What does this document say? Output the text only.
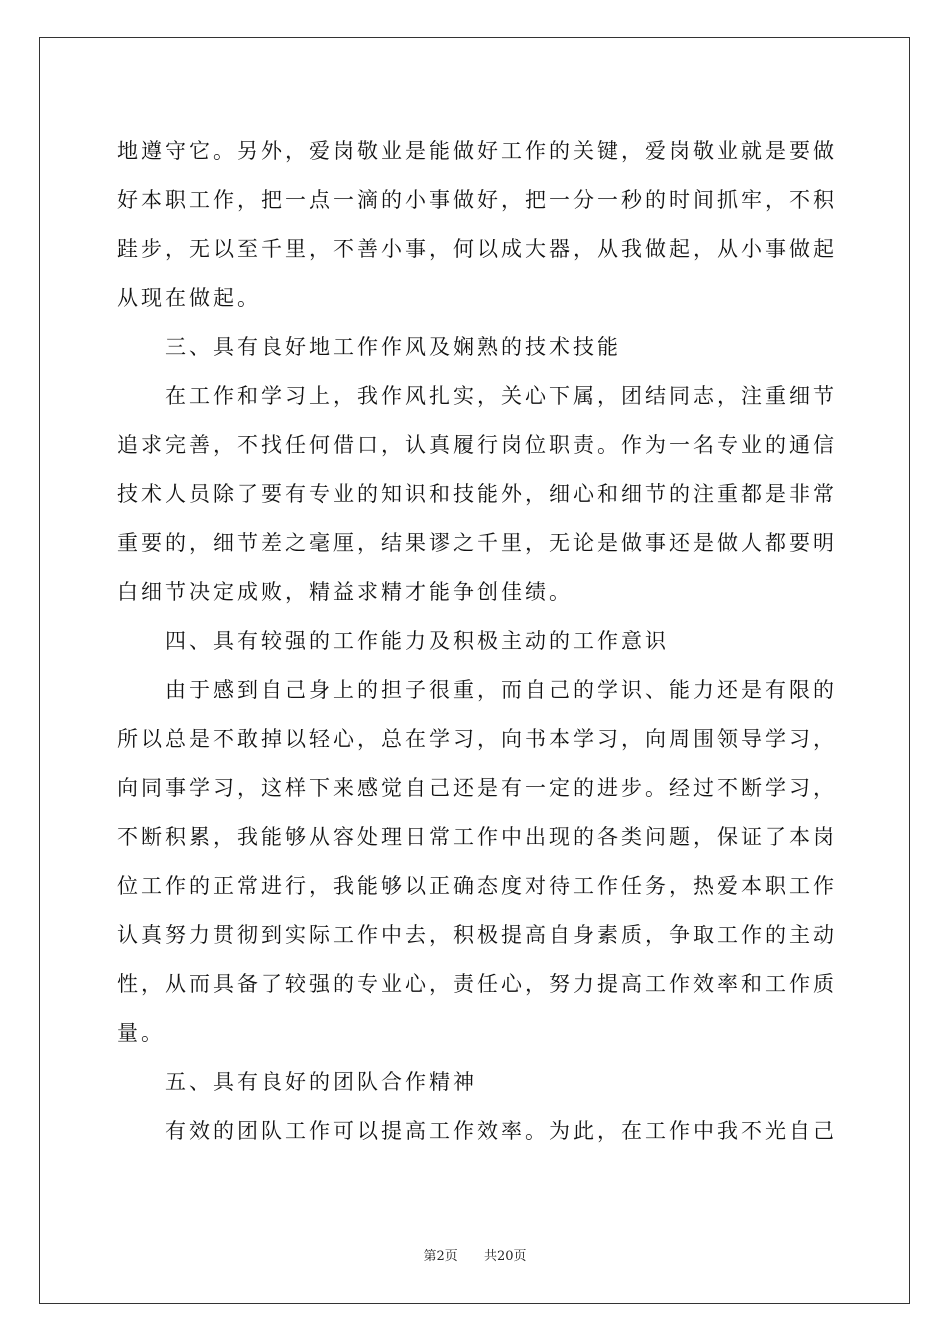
地遵守它。另外，爱岗敬业是能做好工作的关键，爱岗敬业就是要做
好本职工作，把一点一滴的小事做好，把一分一秒的时间抓牢，不积
跬步，无以至千里，不善小事，何以成大器，从我做起，从小事做起
从现在做起。
三、具有良好地工作作风及娴熟的技术技能
在工作和学习上，我作风扎实，关心下属，团结同志，注重细节
追求完善，不找任何借口，认真履行岗位职责。作为一名专业的通信
技术人员除了要有专业的知识和技能外，细心和细节的注重都是非常
重要的，细节差之毫厘，结果谬之千里，无论是做事还是做人都要明
白细节决定成败，精益求精才能争创佳绩。
四、具有较强的工作能力及积极主动的工作意识
由于感到自己身上的担子很重，而自己的学识、能力还是有限的
所以总是不敢掉以轻心，总在学习，向书本学习，向周围领导学习，
向同事学习，这样下来感觉自己还是有一定的进步。经过不断学习，
不断积累，我能够从容处理日常工作中出现的各类问题，保证了本岗
位工作的正常进行，我能够以正确态度对待工作任务，热爱本职工作
认真努力贯彻到实际工作中去，积极提高自身素质，争取工作的主动
性，从而具备了较强的专业心，责任心，努力提高工作效率和工作质
量。
五、具有良好的团队合作精神
有效的团队工作可以提高工作效率。为此，在工作中我不光自己
第2页 共20页
